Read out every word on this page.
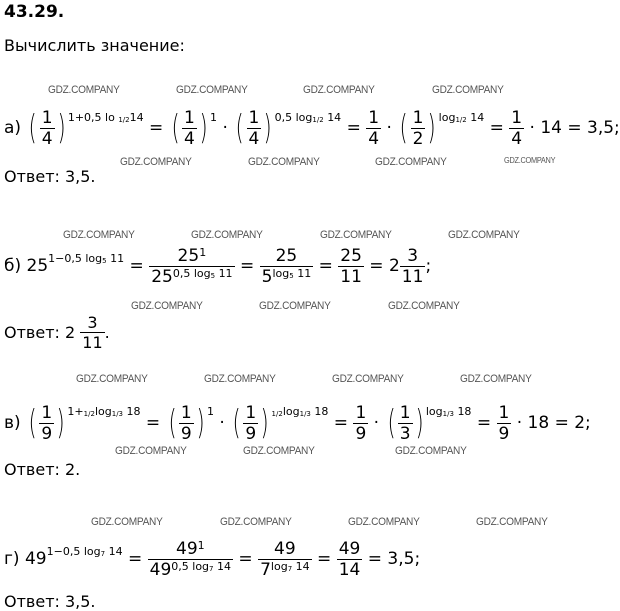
43.29.
Вычислить значение:
GDZ.COMPANY	GDZ.COMPANY	GDZ.COMPANY	GDZ.COMPANY
GDZ.COMPANY	GDZ.COMPANY	GDZ.COMPANY	GDZ.COMPANY
GDZ.COMPANY	GDZ.COMPANY	GDZ.COMPANY	GDZ.COMPANY
GDZ.COMPANY	GDZ.COMPANY	GDZ.COMPANY
GDZ.COMPANY	GDZ.COMPANY	GDZ.COMPANY	GDZ.COMPANY
GDZ.COMPANY	GDZ.COMPANY	GDZ.COMPANY
GDZ.COMPANY	GDZ.COMPANY	GDZ.COMPANY	GDZ.COMPANY
а)
( $\frac{1}{4}$ ) 1+0,5 lo 1/214

=
( $\frac{1}{4}$ ) 1

·
( $\frac{1}{4}$ ) 0,5 log1/2 14

=
$\frac{1}{4}$
·
( $\frac{1}{2}$ ) log1/2 14

=
$\frac{1}{4}$
· 14 = 3,5;
Ответ: 3,5.
б)
25 1−0,5 log5 $11 = \frac{25^1}{25^{0,5 log5 11}} = \frac{25}{5^{log5 11}} = \frac{25}{11} = 2 \frac{3}{11}$ ;
Ответ: 2
$\frac{3}{11}$ .
в)
( $\frac{1}{9}$ ) 1+1/2log1/3 18
= ( $\frac{1}{9}$ ) 1
· ( $\frac{1}{9}$ ) 1/2log1/3 18
= $\frac{1}{9}$ · ( $\frac{1}{3}$ ) log1/3 18
= $\frac{1}{9}$
· 18 = 2;
Ответ: 2.
г)
49 1−0,5 log7 $14 = \frac{49^1}{49^{0,5 log7 14}} = \frac{49}{7^{log7 14}} = \frac{49}{14}$
= 3,5;
Ответ: 3,5.
